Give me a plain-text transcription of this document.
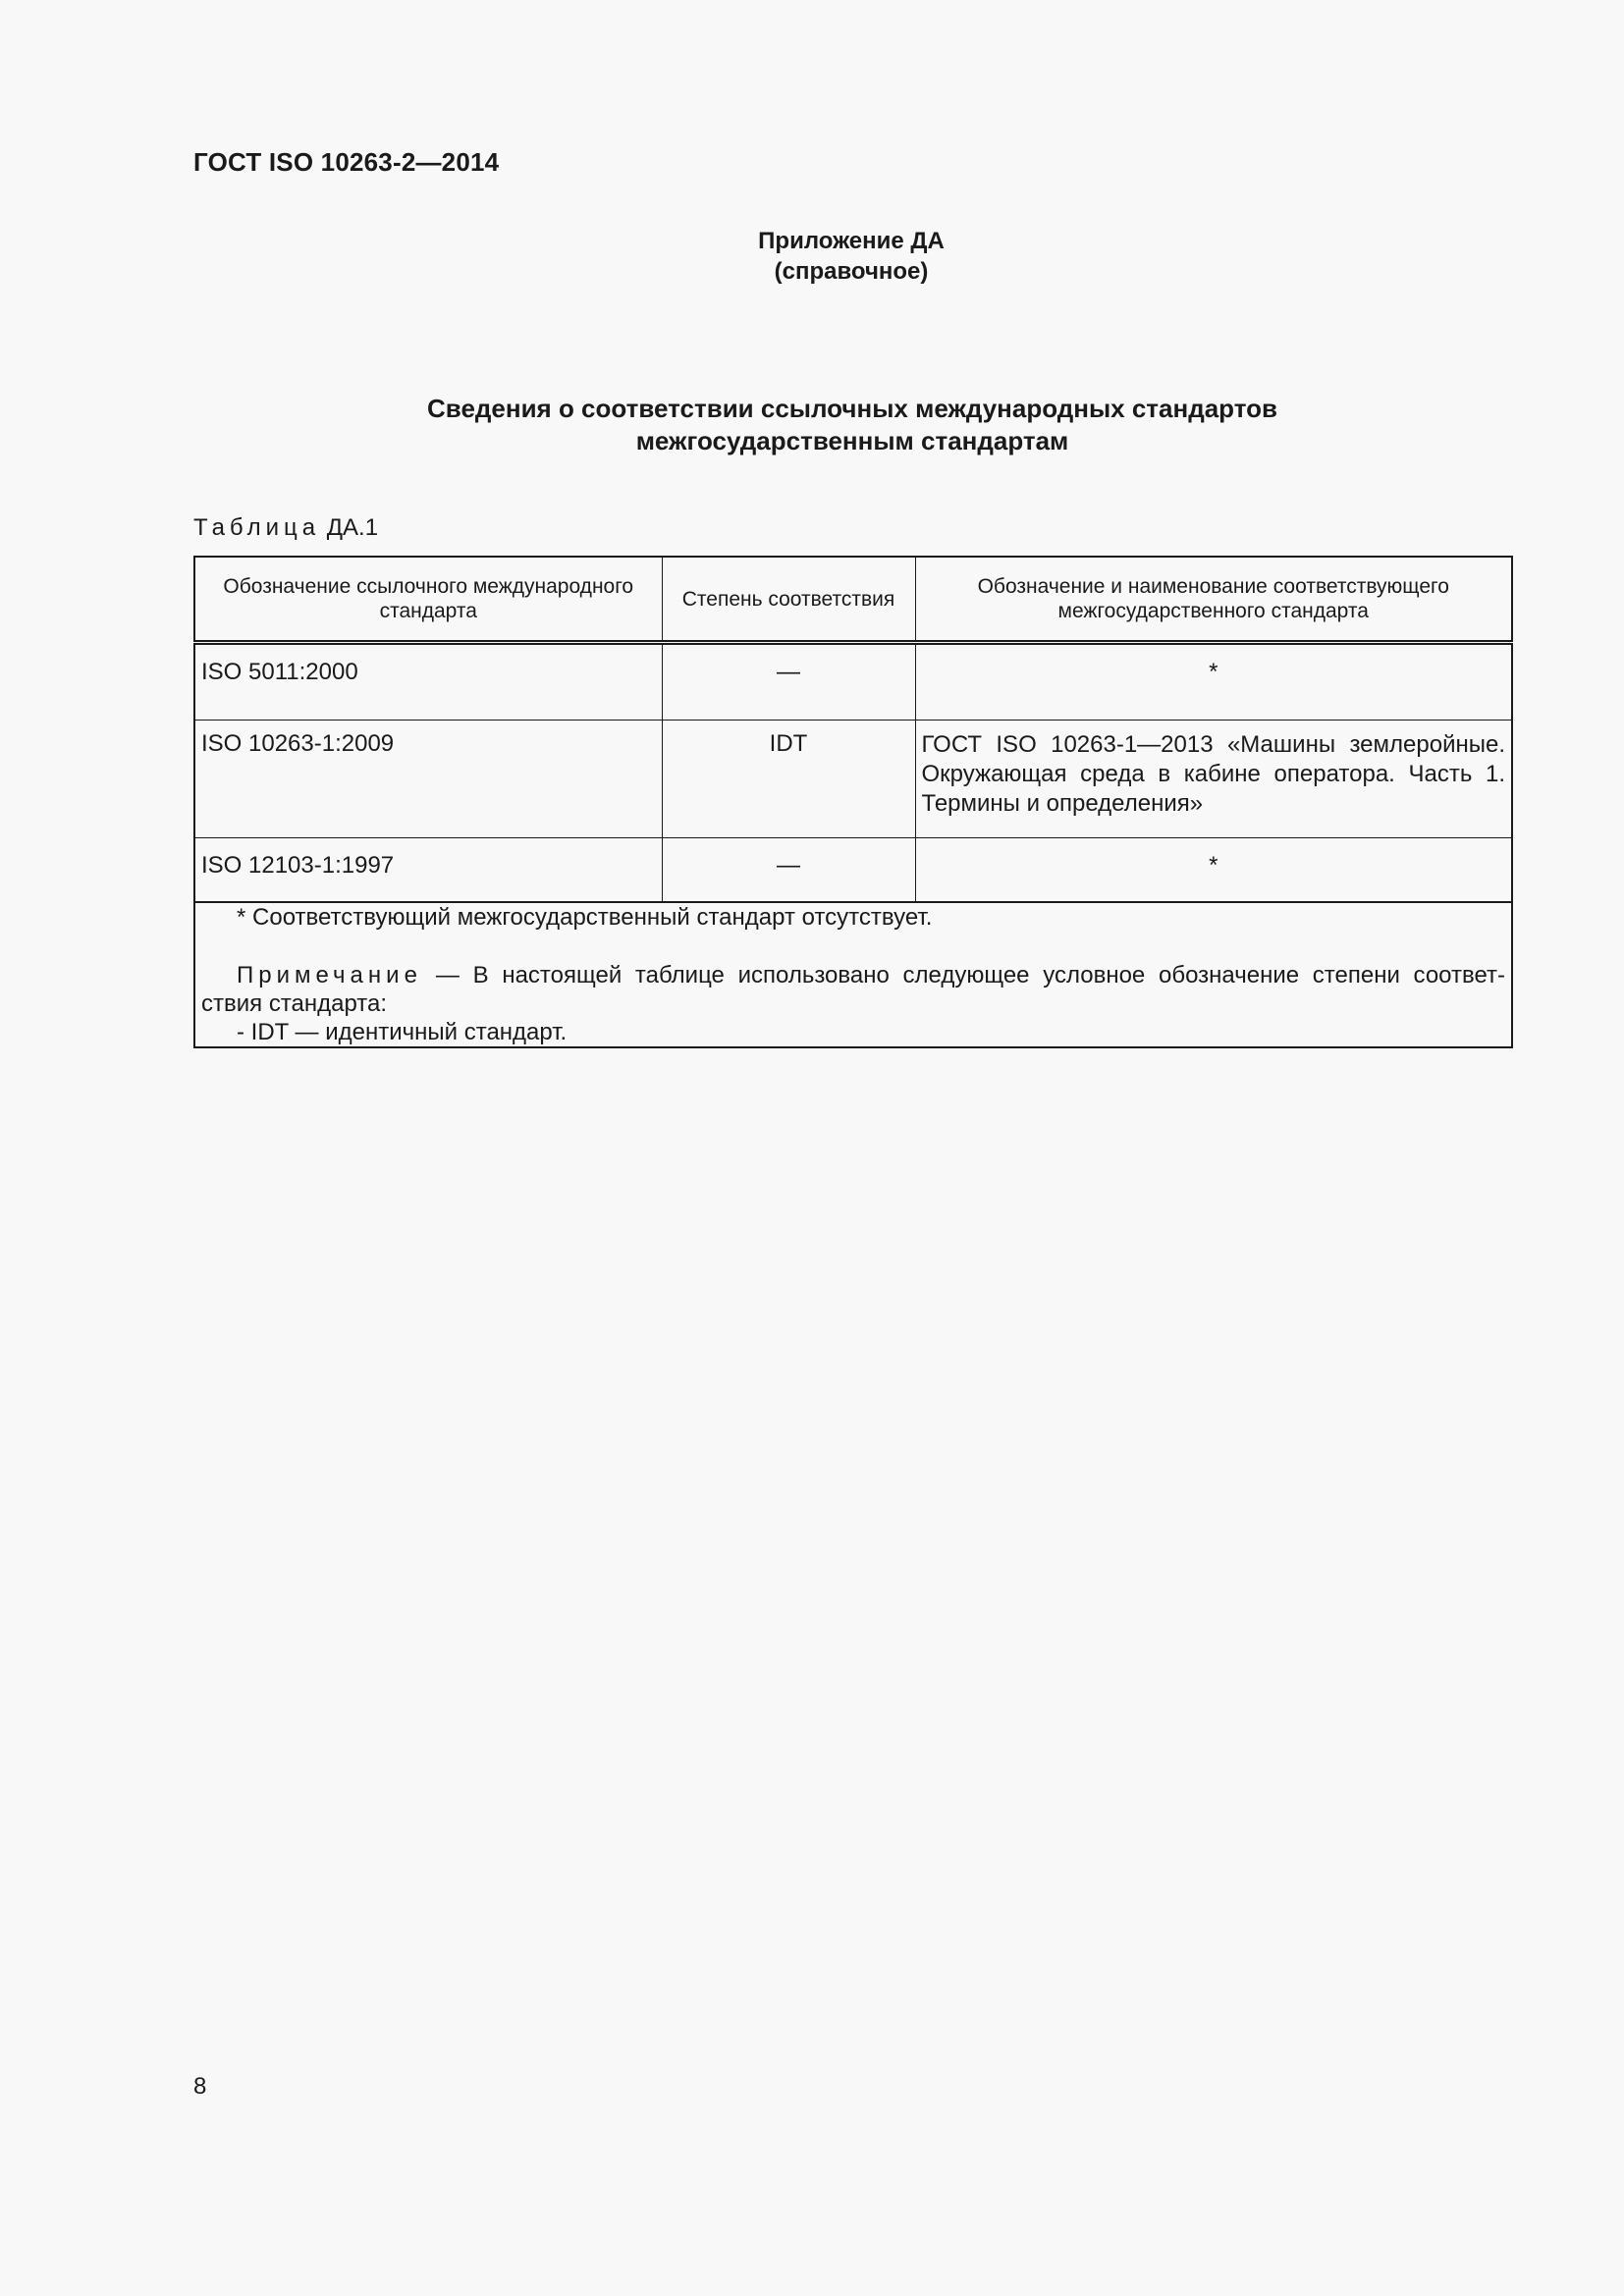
ГОСТ ISO 10263-2—2014
Приложение ДА
(справочное)
Сведения о соответствии ссылочных международных стандартов
межгосударственным стандартам
Таблица ДА.1
Обозначение ссылочного международного стандарта	Степень соответствия	Обозначение и наименование соответствующего межгосударственного стандарта
ISO 5011:2000	—	*
ISO 10263-1:2009	IDT	ГОСТ ISO 10263-1—2013 «Машины землеройные. Окружающая среда в кабине оператора. Часть 1. Термины и определения»
ISO 12103-1:1997	—	*

* Соответствующий межгосударственный стандарт отсутствует.
Примечание — В настоящей таблице использовано следующее условное обозначение степени соответ-
ствия стандарта:
- IDT — идентичный стандарт.		
8
